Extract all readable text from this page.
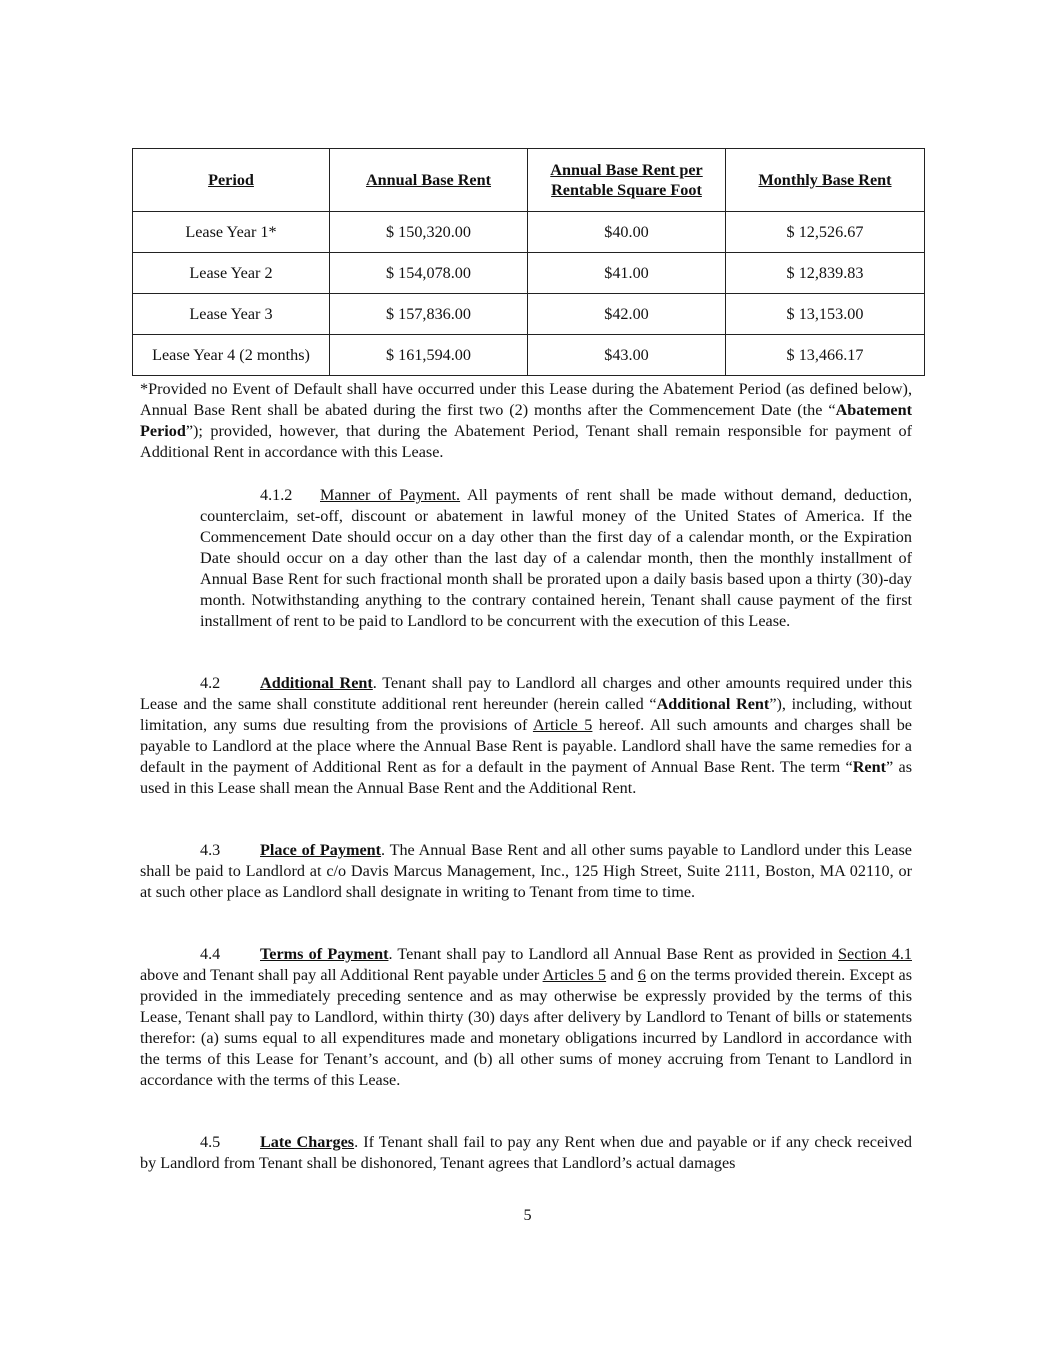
Period	Annual Base Rent	Annual Base Rent per Rentable Square Foot	Monthly Base Rent
Lease Year 1*	$ 150,320.00	$40.00	$ 12,526.67
Lease Year 2	$ 154,078.00	$41.00	$ 12,839.83
Lease Year 3	$ 157,836.00	$42.00	$ 13,153.00
Lease Year 4 (2 months)	$ 161,594.00	$43.00	$ 13,466.17
*Provided no Event of Default shall have occurred under this Lease during the Abatement Period (as defined below), Annual Base Rent shall be abated during the first two (2) months after the Commencement Date (the “Abatement Period”); provided, however, that during the Abatement Period, Tenant shall remain responsible for payment of Additional Rent in accordance with this Lease.
4.1.2 Manner of Payment. All payments of rent shall be made without demand, deduction, counterclaim, set-off, discount or abatement in lawful money of the United States of America. If the Commencement Date should occur on a day other than the first day of a calendar month, or the Expiration Date should occur on a day other than the last day of a calendar month, then the monthly installment of Annual Base Rent for such fractional month shall be prorated upon a daily basis based upon a thirty (30)-day month. Notwithstanding anything to the contrary contained herein, Tenant shall cause payment of the first installment of rent to be paid to Landlord to be concurrent with the execution of this Lease.
4.2 Additional Rent. Tenant shall pay to Landlord all charges and other amounts required under this Lease and the same shall constitute additional rent hereunder (herein called “Additional Rent”), including, without limitation, any sums due resulting from the provisions of Article 5 hereof. All such amounts and charges shall be payable to Landlord at the place where the Annual Base Rent is payable. Landlord shall have the same remedies for a default in the payment of Additional Rent as for a default in the payment of Annual Base Rent. The term “Rent” as used in this Lease shall mean the Annual Base Rent and the Additional Rent.
4.3 Place of Payment. The Annual Base Rent and all other sums payable to Landlord under this Lease shall be paid to Landlord at c/o Davis Marcus Management, Inc., 125 High Street, Suite 2111, Boston, MA 02110, or at such other place as Landlord shall designate in writing to Tenant from time to time.
4.4 Terms of Payment. Tenant shall pay to Landlord all Annual Base Rent as provided in Section 4.1 above and Tenant shall pay all Additional Rent payable under Articles 5 and 6 on the terms provided therein. Except as provided in the immediately preceding sentence and as may otherwise be expressly provided by the terms of this Lease, Tenant shall pay to Landlord, within thirty (30) days after delivery by Landlord to Tenant of bills or statements therefor: (a) sums equal to all expenditures made and monetary obligations incurred by Landlord in accordance with the terms of this Lease for Tenant’s account, and (b) all other sums of money accruing from Tenant to Landlord in accordance with the terms of this Lease.
4.5 Late Charges. If Tenant shall fail to pay any Rent when due and payable or if any check received by Landlord from Tenant shall be dishonored, Tenant agrees that Landlord’s actual damages
5
